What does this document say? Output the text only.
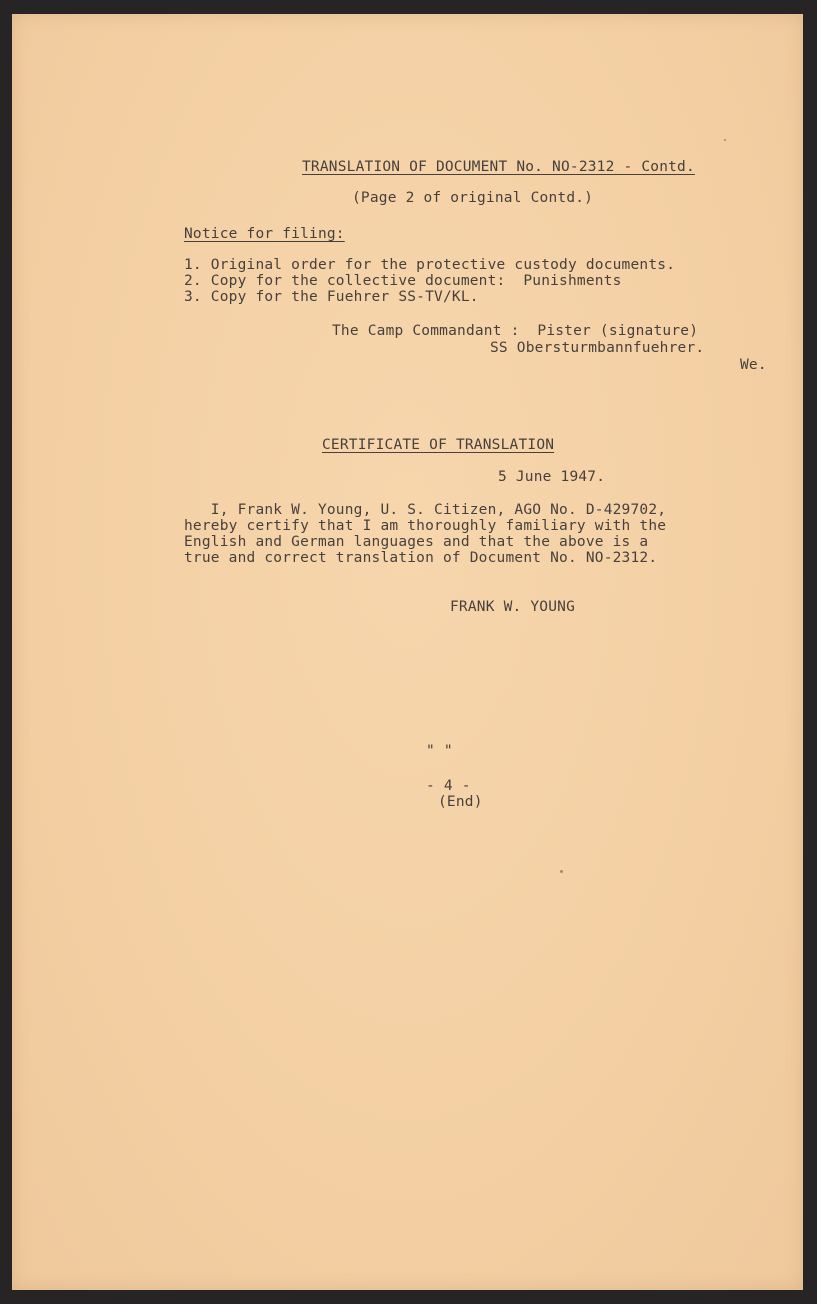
TRANSLATION OF DOCUMENT No. NO-2312 - Contd.
(Page 2 of original Contd.)
Notice for filing:
1. Original order for the protective custody documents.
2. Copy for the collective document:  Punishments
3. Copy for the Fuehrer SS-TV/KL.
The Camp Commandant :  Pister (signature)
SS Obersturmbannfuehrer.
We.
CERTIFICATE OF TRANSLATION
5 June 1947.
I, Frank W. Young, U. S. Citizen, AGO No. D-429702,
hereby certify that I am thoroughly familiary with the
English and German languages and that the above is a
true and correct translation of Document No. NO-2312.
FRANK W. YOUNG
" "
- 4 -
(End)
